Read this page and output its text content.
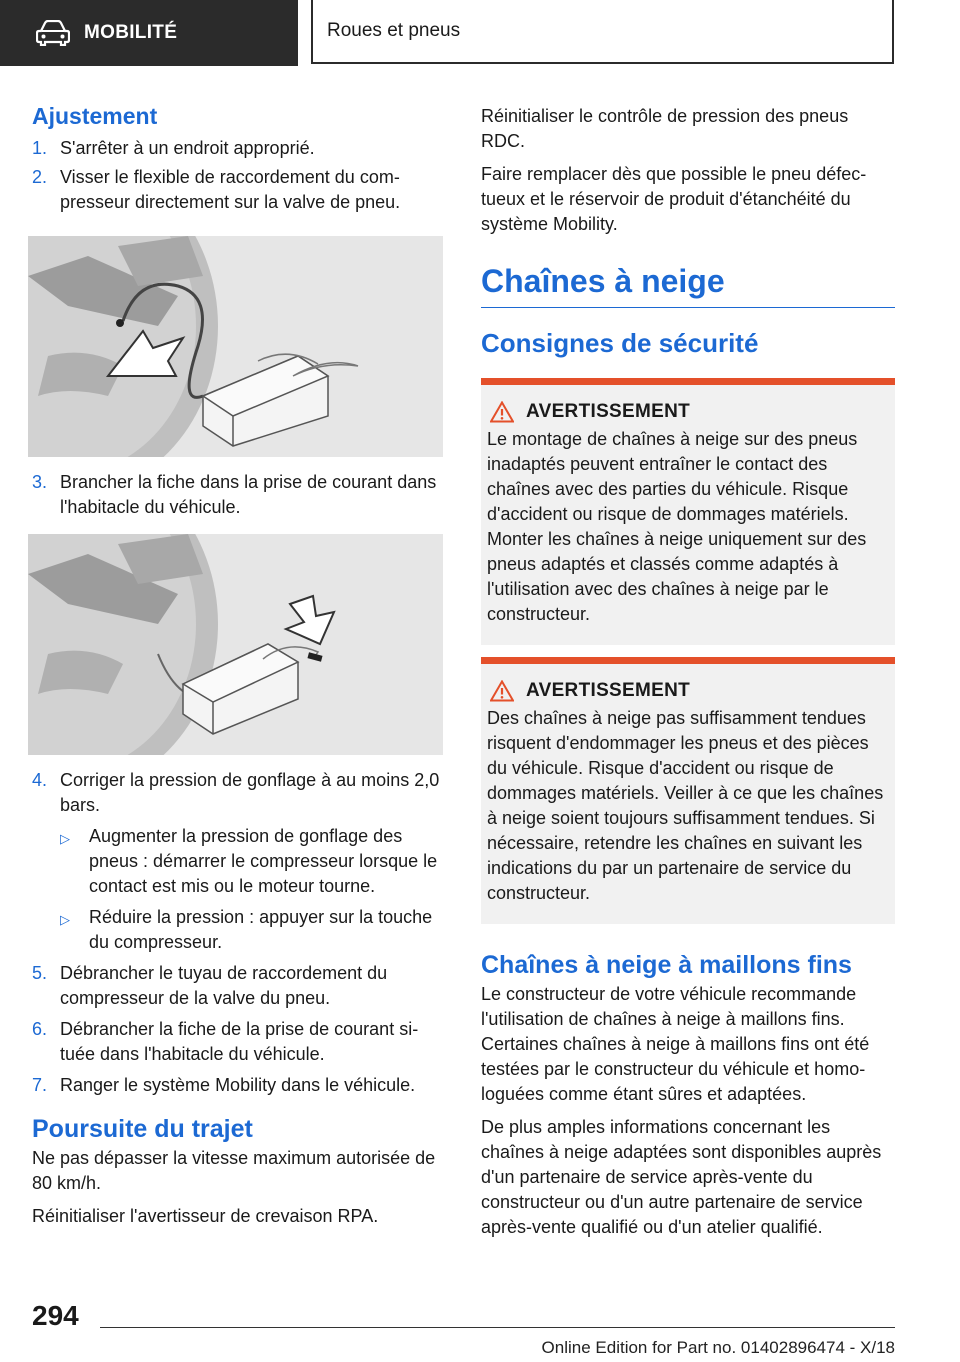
MOBILITÉ	Roues et pneus
Ajustement
1. S'arrêter à un endroit approprié.
2. Visser le flexible de raccordement du compresseur directement sur la valve de pneu.
3. Brancher la fiche dans la prise de courant dans l'habitacle du véhicule.
4. Corriger la pression de gonflage à au moins 2,0 bars.
▷	Augmenter la pression de gonflage des pneus : démarrer le compresseur lorsque le contact est mis ou le moteur tourne.
▷	Réduire la pression : appuyer sur la touche du compresseur.
5. Débrancher le tuyau de raccordement du compresseur de la valve du pneu.
6. Débrancher la fiche de la prise de courant située dans l'habitacle du véhicule.
7. Ranger le système Mobility dans le véhicule.
Poursuite du trajet

Ne pas dépasser la vitesse maximum autorisée de 80 km/h.

Réinitialiser l'avertisseur de crevaison RPA.

Réinitialiser le contrôle de pression des pneus RDC.

Faire remplacer dès que possible le pneu défectueux et le réservoir de produit d'étanchéité du système Mobility.

Chaînes à neige
Consignes de sécurité
AVERTISSEMENT

Le montage de chaînes à neige sur des pneus inadaptés peuvent entraîner le contact des chaînes avec des parties du véhicule. Risque d'accident ou risque de dommages matériels. Monter les chaînes à neige uniquement sur des pneus adaptés et classés comme adaptés à l'utilisation avec des chaînes à neige par le constructeur.

AVERTISSEMENT

Des chaînes à neige pas suffisamment tendues risquent d'endommager les pneus et des pièces du véhicule. Risque d'accident ou risque de dommages matériels. Veiller à ce que les chaînes à neige soient toujours suffisamment tendues. Si nécessaire, retendre les chaînes en suivant les indications du par un partenaire de service du constructeur.

Chaînes à neige à maillons fins

Le constructeur de votre véhicule recommande l'utilisation de chaînes à neige à maillons fins. Certaines chaînes à neige à maillons fins ont été testées par le constructeur du véhicule et homologuées comme étant sûres et adaptées.

De plus amples informations concernant les chaînes à neige adaptées sont disponibles auprès d'un partenaire de service après-vente du constructeur ou d'un autre partenaire de service après-vente qualifié ou d'un atelier qualifié.

294
Online Edition for Part no. 01402896474 - X/18
